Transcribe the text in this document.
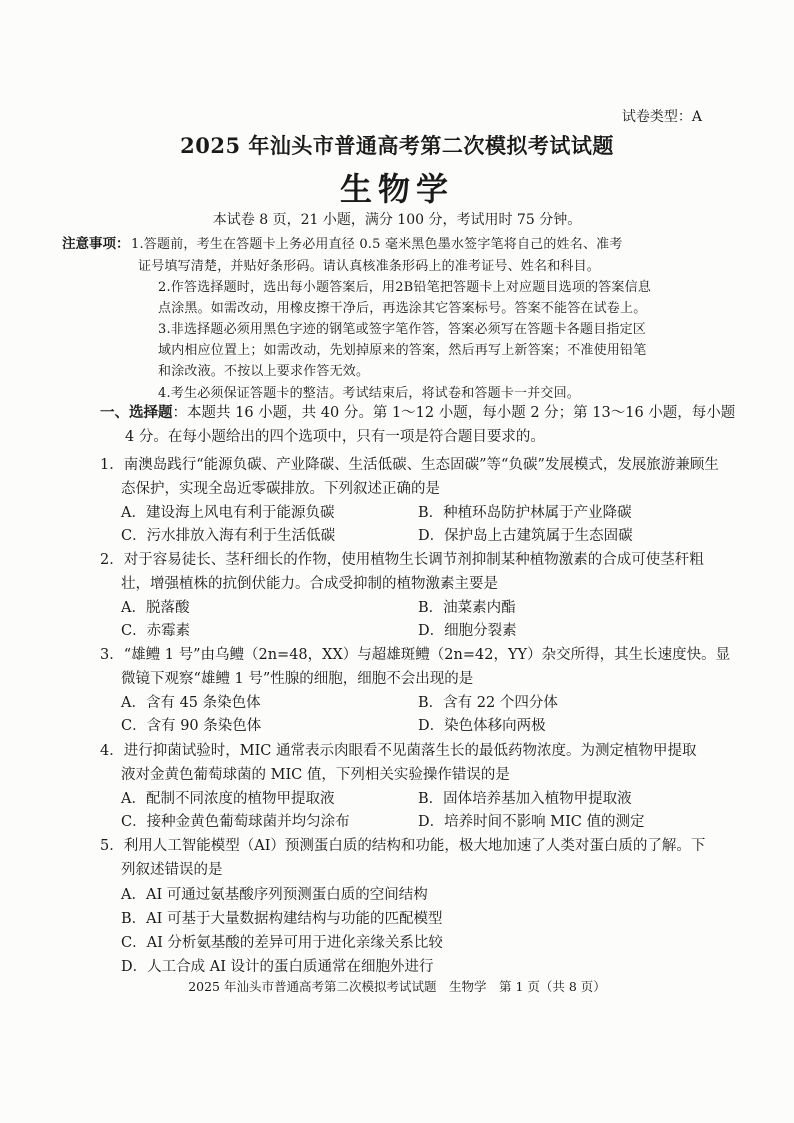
试卷类型：A
2025 年汕头市普通高考第二次模拟考试试题
生物学
本试卷 8 页，21 小题，满分 100 分，考试用时 75 分钟。
注意事项： 1.答题前，考生在答题卡上务必用直径 0.5 毫米黑色墨水签字笔将自己的姓名、准考
证号填写清楚，并贴好条形码。请认真核准条形码上的准考证号、姓名和科目。
2.作答选择题时，选出每小题答案后，用2B铅笔把答题卡上对应题目选项的答案信息
点涂黑。如需改动，用橡皮擦干净后，再选涂其它答案标号。答案不能答在试卷上。
3.非选择题必须用黑色字迹的钢笔或签字笔作答，答案必须写在答题卡各题目指定区
域内相应位置上；如需改动，先划掉原来的答案，然后再写上新答案；不准使用铅笔
和涂改液。不按以上要求作答无效。
4.考生必须保证答题卡的整洁。考试结束后，将试卷和答题卡一并交回。
一、选择题：本题共 16 小题，共 40 分。第 1～12 小题，每小题 2 分；第 13～16 小题，每小题
4 分。在每小题给出的四个选项中，只有一项是符合题目要求的。
1．南澳岛践行“能源负碳、产业降碳、生活低碳、生态固碳”等“负碳”发展模式，发展旅游兼顾生
态保护，实现全岛近零碳排放。下列叙述正确的是
A．建设海上风电有利于能源负碳	B．种植环岛防护林属于产业降碳
C．污水排放入海有利于生活低碳	D．保护岛上古建筑属于生态固碳
2．对于容易徒长、茎秆细长的作物，使用植物生长调节剂抑制某种植物激素的合成可使茎秆粗
壮，增强植株的抗倒伏能力。合成受抑制的植物激素主要是
A．脱落酸	B．油菜素内酯
C．赤霉素	D．细胞分裂素
3．“雄鳢 1 号”由乌鳢（2n=48，XX）与超雄斑鳢（2n=42，YY）杂交所得，其生长速度快。显
微镜下观察“雄鳢 1 号”性腺的细胞，细胞不会出现的是
A．含有 45 条染色体	B．含有 22 个四分体
C．含有 90 条染色体	D．染色体移向两极
4．进行抑菌试验时，MIC 通常表示肉眼看不见菌落生长的最低药物浓度。为测定植物甲提取
液对金黄色葡萄球菌的 MIC 值，下列相关实验操作错误的是
A．配制不同浓度的植物甲提取液	B．固体培养基加入植物甲提取液
C．接种金黄色葡萄球菌并均匀涂布	D．培养时间不影响 MIC 值的测定
5．利用人工智能模型（AI）预测蛋白质的结构和功能，极大地加速了人类对蛋白质的了解。下
列叙述错误的是
A．AI 可通过氨基酸序列预测蛋白质的空间结构
B．AI 可基于大量数据构建结构与功能的匹配模型
C．AI 分析氨基酸的差异可用于进化亲缘关系比较
D．人工合成 AI 设计的蛋白质通常在细胞外进行
2025 年汕头市普通高考第二次模拟考试试题　生物学　第 1 页（共 8 页）
